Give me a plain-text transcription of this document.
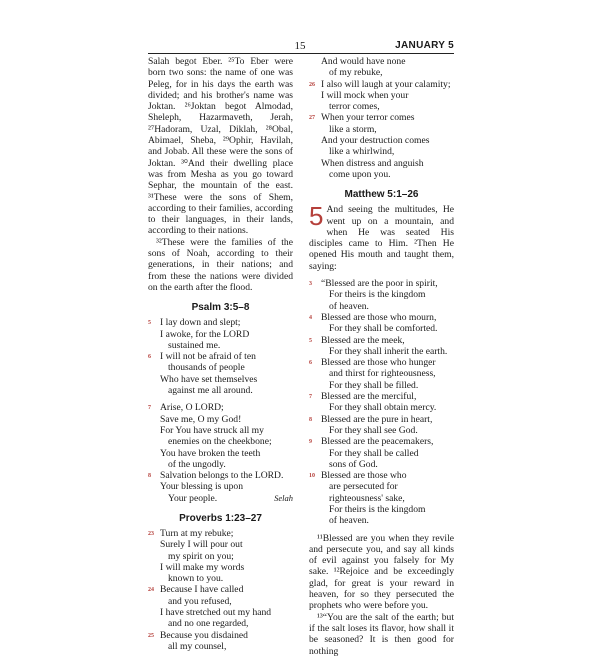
15	JANUARY 5

Salah begot Eber. ²⁵To Eber were born two sons: the name of one was Peleg, for in his days the earth was divided; and his brother's name was Joktan. ²⁶Joktan begot Almodad, Sheleph, Hazarmaveth, Jerah, ²⁷Hadoram, Uzal, Diklah, ²⁸Obal, Abimael, Sheba, ²⁹Ophir, Havilah, and Jobab. All these were the sons of Joktan. ³⁰And their dwelling place was from Mesha as you go toward Sephar, the mountain of the east. ³¹These were the sons of Shem, according to their families, according to their languages, in their lands, according to their nations.

³²These were the families of the sons of Noah, according to their generations, in their nations; and from these the nations were divided on the earth after the flood.

Psalm 3:5–8
5 I lay down and slept;
I awoke, for the LORD
sustained me.
6 I will not be afraid of ten
thousands of people
Who have set themselves
against me all around.
7 Arise, O LORD;
Save me, O my God!
For You have struck all my
enemies on the cheekbone;
You have broken the teeth
of the ungodly.
8 Salvation belongs to the LORD.
Your blessing is upon
Your people.	Selah
Proverbs 1:23–27
23 Turn at my rebuke;
Surely I will pour out
my spirit on you;
I will make my words
known to you.
24 Because I have called
and you refused,
I have stretched out my hand
and no one regarded,
25 Because you disdained
all my counsel,
And would have none
of my rebuke,
26 I also will laugh at your calamity;
I will mock when your
terror comes,
27 When your terror comes
like a storm,
And your destruction comes
like a whirlwind,
When distress and anguish
come upon you.
Matthew 5:1–26

5 And seeing the multitudes, He went up on a mountain, and when He was seated His disciples came to Him. ²Then He opened His mouth and taught them, saying:

3 “Blessed are the poor in spirit,
For theirs is the kingdom
of heaven.
4 Blessed are those who mourn,
For they shall be comforted.
5 Blessed are the meek,
For they shall inherit the earth.
6 Blessed are those who hunger
and thirst for righteousness,
For they shall be filled.
7 Blessed are the merciful,
For they shall obtain mercy.
8 Blessed are the pure in heart,
For they shall see God.
9 Blessed are the peacemakers,
For they shall be called
sons of God.
10 Blessed are those who
are persecuted for
righteousness' sake,
For theirs is the kingdom
of heaven.

¹¹Blessed are you when they revile and persecute you, and say all kinds of evil against you falsely for My sake. ¹²Rejoice and be exceedingly glad, for great is your reward in heaven, for so they persecuted the prophets who were before you.

¹³“You are the salt of the earth; but if the salt loses its flavor, how shall it be seasoned? It is then good for nothing
